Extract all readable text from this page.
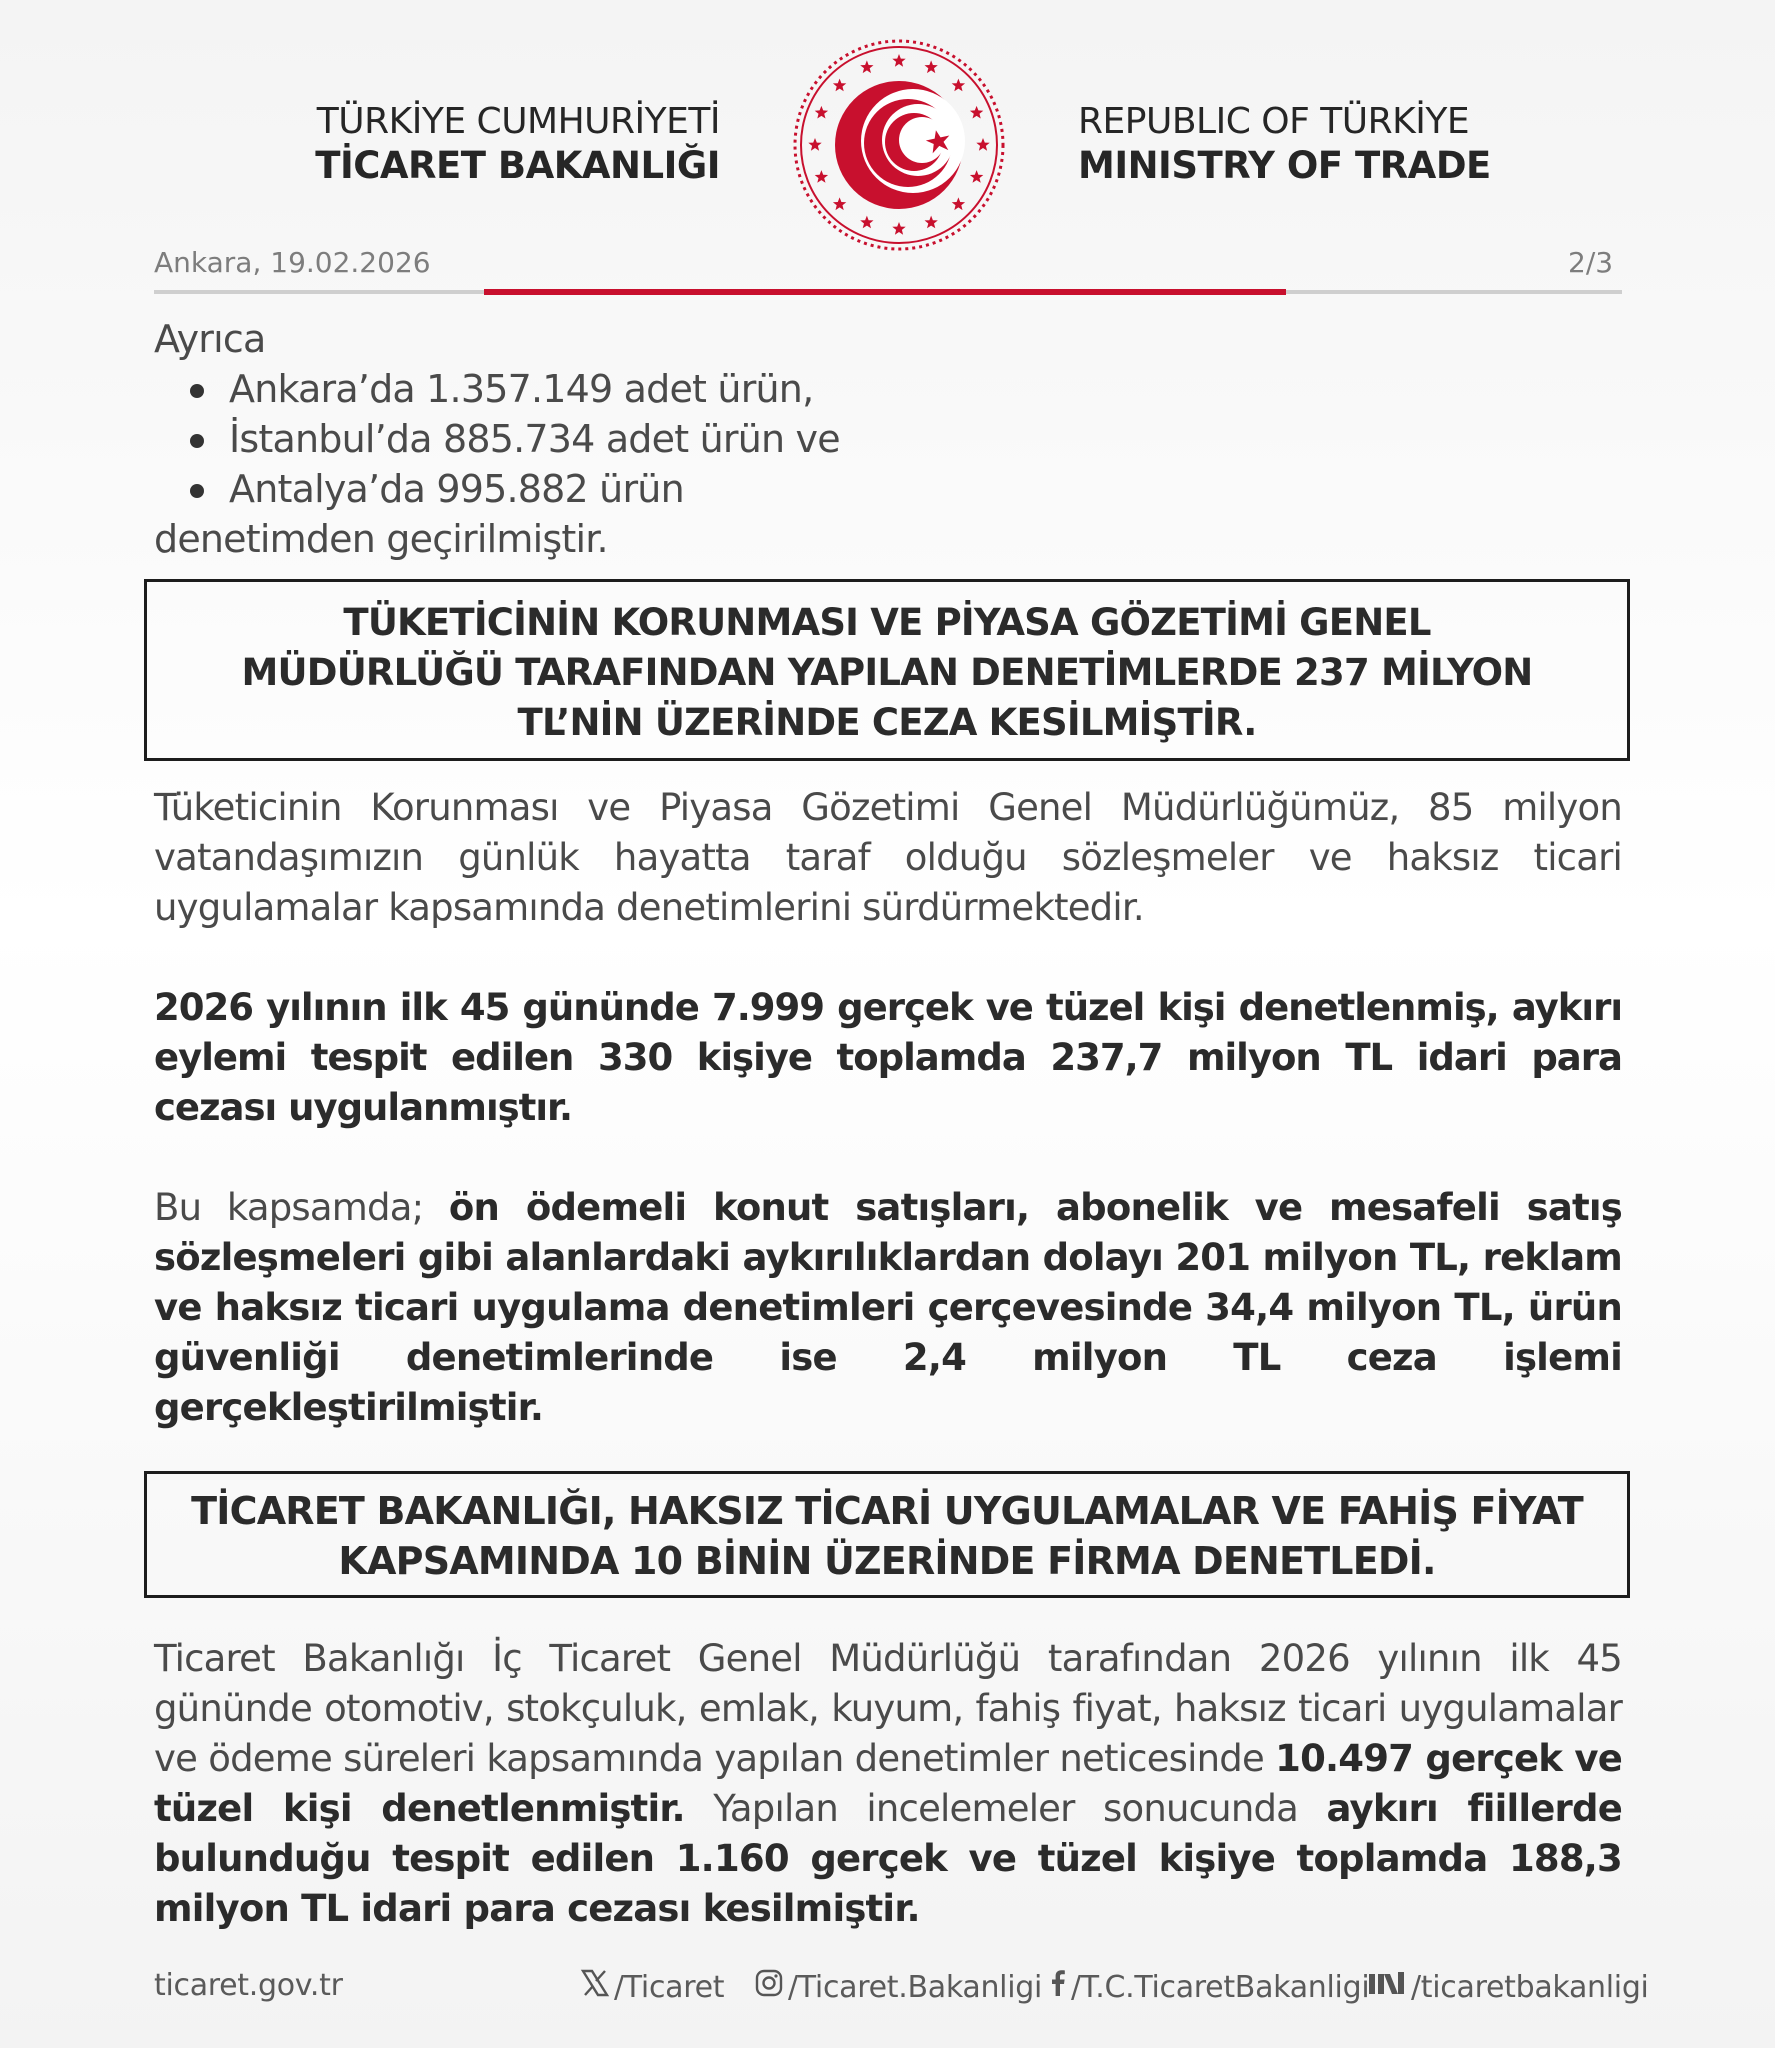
TÜRKİYE CUMHURİYETİ
TİCARET BAKANLIĞI
REPUBLIC OF TÜRKİYE
MINISTRY OF TRADE
Ankara, 19.02.2026	2/3
Ayrıca
Ankara’da 1.357.149 adet ürün,
İstanbul’da 885.734 adet ürün ve
Antalya’da 995.882 ürün
denetimden geçirilmiştir.
TÜKETİCİNİN KORUNMASI VE PİYASA GÖZETİMİ GENEL
MÜDÜRLÜĞÜ TARAFINDAN YAPILAN DENETİMLERDE 237 MİLYON
TL’NİN ÜZERİNDE CEZA KESİLMİŞTİR.
Tüketicinin Korunması ve Piyasa Gözetimi Genel Müdürlüğümüz, 85 milyon vatandaşımızın günlük hayatta taraf olduğu sözleşmeler ve haksız ticari uygulamalar kapsamında denetimlerini sürdürmektedir.
2026 yılının ilk 45 gününde 7.999 gerçek ve tüzel kişi denetlenmiş, aykırı eylemi tespit edilen 330 kişiye toplamda 237,7 milyon TL idari para cezası uygulanmıştır.
Bu kapsamda; ön ödemeli konut satışları, abonelik ve mesafeli satış sözleşmeleri gibi alanlardaki aykırılıklardan dolayı 201 milyon TL, reklam ve haksız ticari uygulama denetimleri çerçevesinde 34,4 milyon TL, ürün güvenliği denetimlerinde ise 2,4 milyon TL ceza işlemi gerçekleştirilmiştir.
TİCARET BAKANLIĞI, HAKSIZ TİCARİ UYGULAMALAR VE FAHİŞ FİYAT
KAPSAMINDA 10 BİNİN ÜZERİNDE FİRMA DENETLEDİ.
Ticaret Bakanlığı İç Ticaret Genel Müdürlüğü tarafından 2026 yılının ilk 45 gününde otomotiv, stokçuluk, emlak, kuyum, fahiş fiyat, haksız ticari uygulamalar ve ödeme süreleri kapsamında yapılan denetimler neticesinde 10.497 gerçek ve tüzel kişi denetlenmiştir. Yapılan incelemeler sonucunda aykırı fiillerde bulunduğu tespit edilen 1.160 gerçek ve tüzel kişiye toplamda 188,3 milyon TL idari para cezası kesilmiştir.
ticaret.gov.tr	/Ticaret /Ticaret.Bakanligi /T.C.TicaretBakanligi /ticaretbakanligi
